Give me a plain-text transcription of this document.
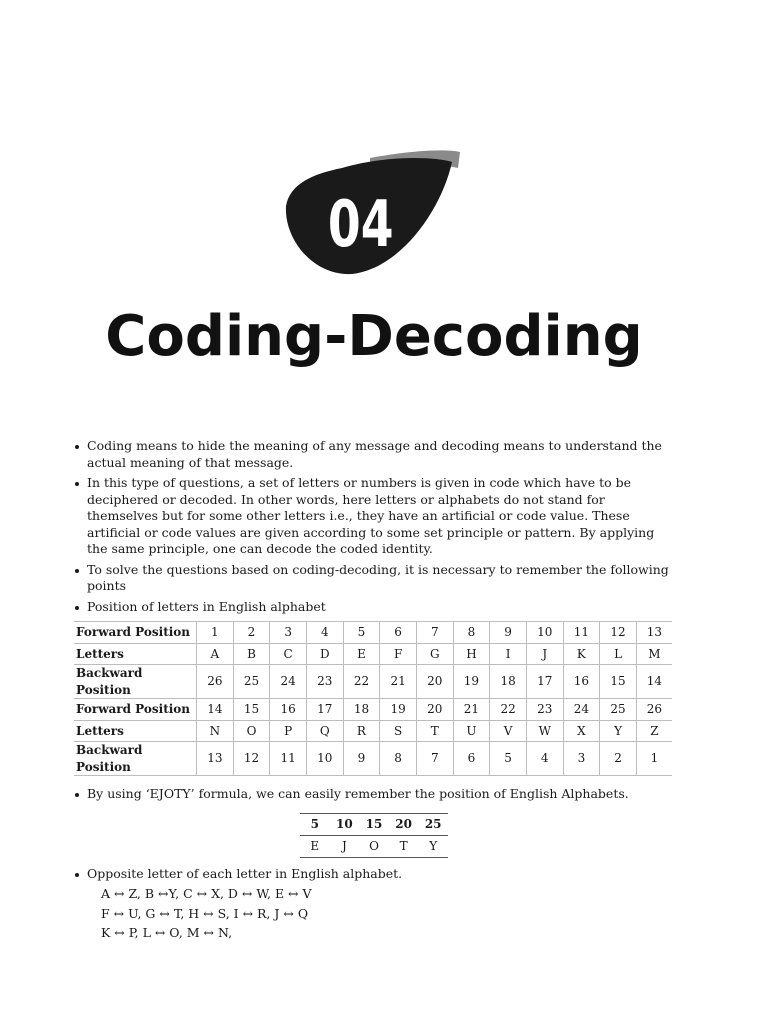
04
Coding-Decoding
Coding means to hide the meaning of any message and decoding means to understand the actual meaning of that message.
In this type of questions, a set of letters or numbers is given in code which have to be deciphered or decoded. In other words, here letters or alphabets do not stand for themselves but for some other letters i.e., they have an artificial or code value. These artificial or code values are given according to some set principle or pattern. By applying the same principle, one can decode the coded identity.
To solve the questions based on coding-decoding, it is necessary to remember the following points
Position of letters in English alphabet
Forward Position	1	2	3	4	5	6	7	8	9	10	11	12	13
Letters	A	B	C	D	E	F	G	H	I	J	K	L	M
Backward Position	26	25	24	23	22	21	20	19	18	17	16	15	14
Forward Position	14	15	16	17	18	19	20	21	22	23	24	25	26
Letters	N	O	P	Q	R	S	T	U	V	W	X	Y	Z
Backward Position	13	12	11	10	9	8	7	6	5	4	3	2	1
By using ‘EJOTY’ formula, we can easily remember the position of English Alphabets.
5	10	15	20	25
E	J	O	T	Y
Opposite letter of each letter in English alphabet.
A ↔ Z, B ↔Y, C ↔ X, D ↔ W, E ↔ V
F ↔ U, G ↔ T, H ↔ S, I ↔ R, J ↔ Q
K ↔ P, L ↔ O, M ↔ N,
